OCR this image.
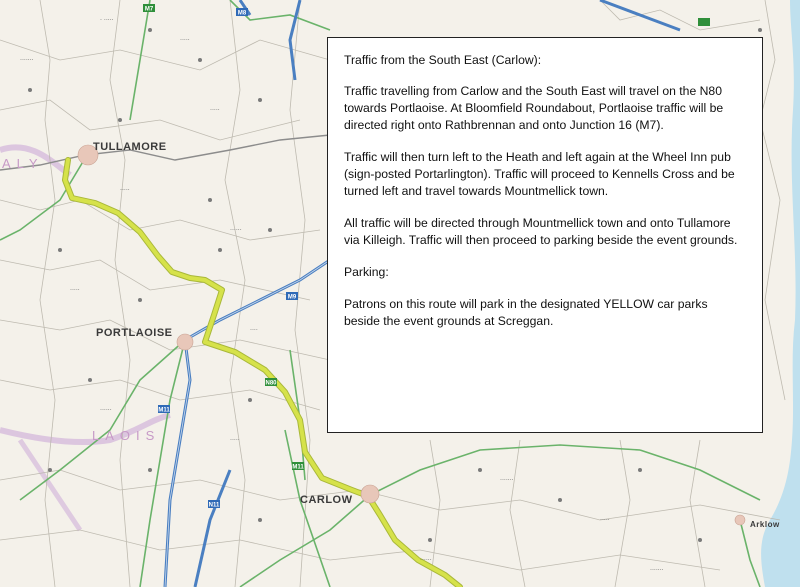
. .....
.....
.......
.....
.....
......
.....
....
......
.....
.......
.....
......
.......
TULLAMORE
PORTLAOISE
CARLOW
Arklow
LAOIS
ALY
M7
M8
M9
M11
N80
M11
N11

Traffic from the South East (Carlow):

Traffic travelling from Carlow and the South East will travel on the N80 towards Portlaoise. At Bloomfield Roundabout, Portlaoise traffic will be directed right onto Rathbrennan and onto Junction 16 (M7).

Traffic will then turn left to the Heath and left again at the Wheel Inn pub (sign-posted Portarlington). Traffic will proceed to Kennells Cross and be turned left and travel towards Mountmellick town.

All traffic will be directed through Mountmellick town and onto Tullamore via Killeigh. Traffic will then proceed to parking beside the event grounds.

Parking:

Patrons on this route will park in the designated YELLOW car parks beside the event grounds at Screggan.
